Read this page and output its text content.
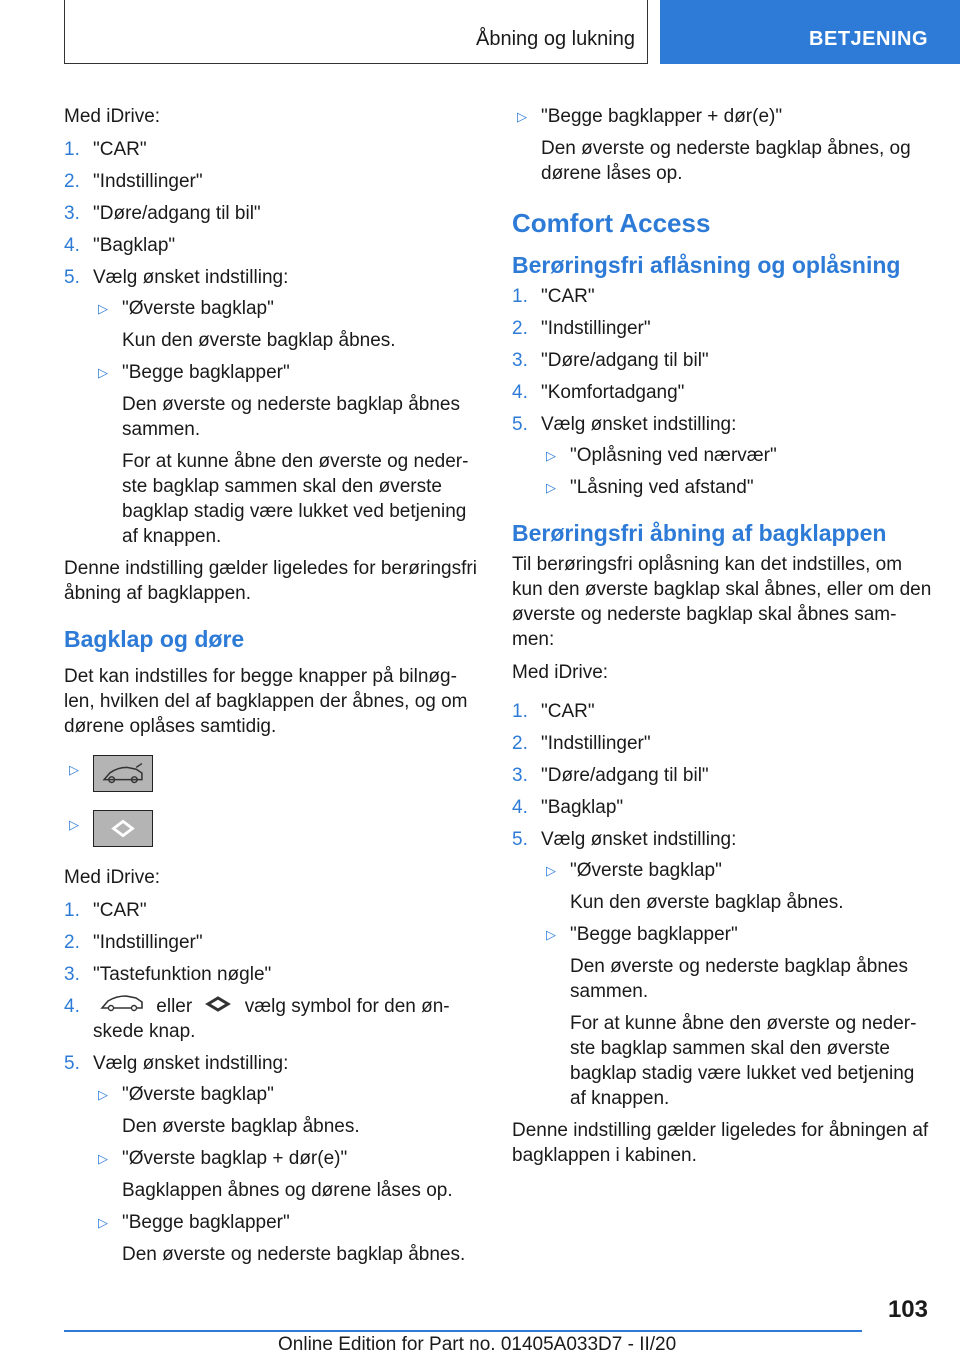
Åbning og lukning	BETJENING

Med iDrive:

1. "CAR"
2. "Indstillinger"
3. "Døre/adgang til bil"
4. "Bagklap"
5. Vælg ønsket indstilling:
▷ "Øverste bagklap"
Kun den øverste bagklap åbnes.
▷ "Begge bagklapper"
Den øverste og nederste bagklap åbnes sammen.
For at kunne åbne den øverste og neder-ste bagklap sammen skal den øverste bagklap stadig være lukket ved betjening af knappen.

Denne indstilling gælder ligeledes for berøringsfri åbning af bagklappen.

Bagklap og døre

Det kan indstilles for begge knapper på bilnøg-len, hvilken del af bagklappen der åbnes, og om dørene oplåses samtidig.

▷
▷

Med iDrive:

1. "CAR"
2. "Indstillinger"
3. "Tastefunktion nøgle"
4.	eller	vælg symbol for den øn-skede knap.
5. Vælg ønsket indstilling:
▷ "Øverste bagklap"
Den øverste bagklap åbnes.
▷ "Øverste bagklap + dør(e)"
Bagklappen åbnes og dørene låses op.
▷ "Begge bagklapper"
Den øverste og nederste bagklap åbnes.
▷ "Begge bagklapper + dør(e)"
Den øverste og nederste bagklap åbnes, og dørene låses op.
Comfort Access
Berøringsfri aflåsning og oplåsning
1. "CAR"
2. "Indstillinger"
3. "Døre/adgang til bil"
4. "Komfortadgang"
5. Vælg ønsket indstilling:
▷ "Oplåsning ved nærvær"
▷ "Låsning ved afstand"
Berøringsfri åbning af bagklappen

Til berøringsfri oplåsning kan det indstilles, om kun den øverste bagklap skal åbnes, eller om den øverste og nederste bagklap skal åbnes sam-men:

Med iDrive:

1. "CAR"
2. "Indstillinger"
3. "Døre/adgang til bil"
4. "Bagklap"
5. Vælg ønsket indstilling:
▷ "Øverste bagklap"
Kun den øverste bagklap åbnes.
▷ "Begge bagklapper"
Den øverste og nederste bagklap åbnes sammen.
For at kunne åbne den øverste og neder-ste bagklap sammen skal den øverste bagklap stadig være lukket ved betjening af knappen.

Denne indstilling gælder ligeledes for åbningen af bagklappen i kabinen.

103
Online Edition for Part no. 01405A033D7 - II/20
